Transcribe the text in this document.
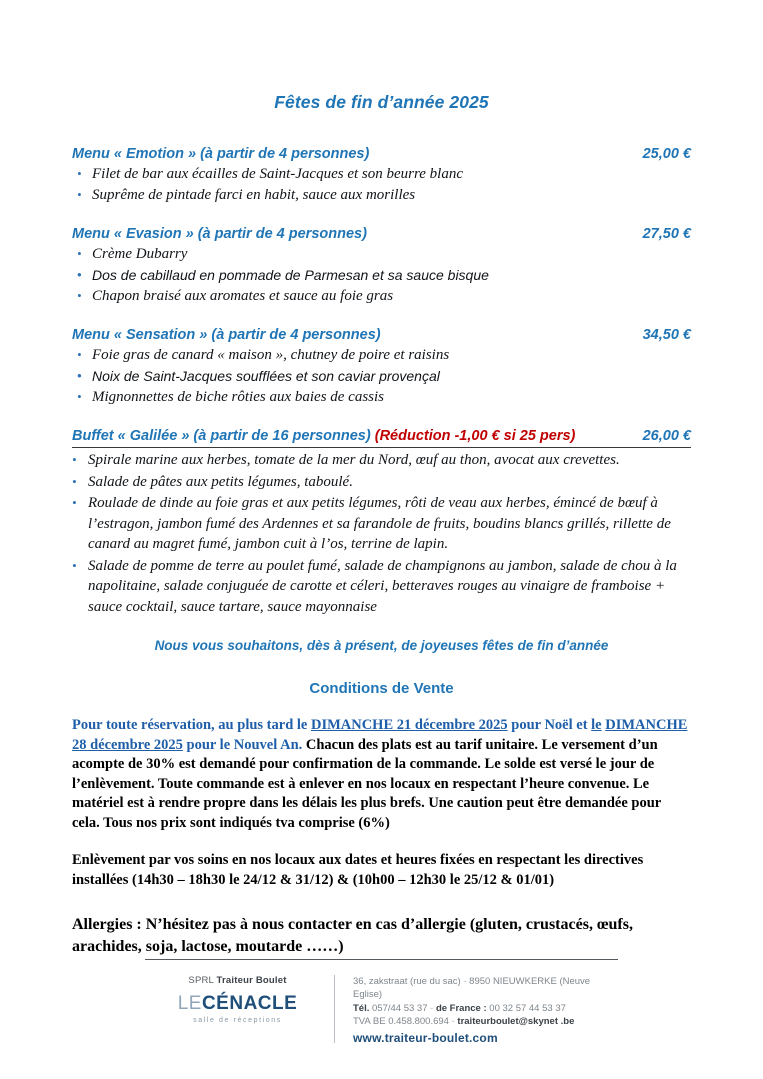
Fêtes de fin d’année 2025
Menu « Emotion » (à partir de 4 personnes)	25,00 €
• Filet de bar aux écailles de Saint-Jacques et son beurre blanc
• Suprême de pintade farci en habit, sauce aux morilles
Menu « Evasion » (à partir de 4 personnes)	27,50 €
• Crème Dubarry
• Dos de cabillaud en pommade de Parmesan et sa sauce bisque
• Chapon braisé aux aromates et sauce au foie gras
Menu « Sensation » (à partir de 4 personnes)	34,50 €
• Foie gras de canard « maison », chutney de poire et raisins
• Noix de Saint-Jacques soufflées et son caviar provençal
• Mignonnettes de biche rôties aux baies de cassis
Buffet « Galilée » (à partir de 16 personnes) (Réduction -1,00 € si 25 pers)	26,00 €
• Spirale marine aux herbes, tomate de la mer du Nord, œuf au thon, avocat aux crevettes.
• Salade de pâtes aux petits légumes, taboulé.
• Roulade de dinde au foie gras et aux petits légumes, rôti de veau aux herbes, émincé de bœuf à l’estragon, jambon fumé des Ardennes et sa farandole de fruits, boudins blancs grillés, rillette de canard au magret fumé, jambon cuit à l’os, terrine de lapin.
• Salade de pomme de terre au poulet fumé, salade de champignons au jambon, salade de chou à la napolitaine, salade conjuguée de carotte et céleri, betteraves rouges au vinaigre de framboise + sauce cocktail, sauce tartare, sauce mayonnaise
Nous vous souhaitons, dès à présent, de joyeuses fêtes de fin d’année
Conditions de Vente

Pour toute réservation, au plus tard le DIMANCHE 21 décembre 2025 pour Noël et le DIMANCHE 28 décembre 2025 pour le Nouvel An. Chacun des plats est au tarif unitaire. Le versement d’un acompte de 30% est demandé pour confirmation de la commande. Le solde est versé le jour de l’enlèvement. Toute commande est à enlever en nos locaux en respectant l’heure convenue. Le matériel est à rendre propre dans les délais les plus brefs. Une caution peut être demandée pour cela. Tous nos prix sont indiqués tva comprise (6%)

Enlèvement par vos soins en nos locaux aux dates et heures fixées en respectant les directives installées (14h30 – 18h30 le 24/12 & 31/12) & (10h00 – 12h30 le 25/12 & 01/01)

Allergies : N’hésitez pas à nous contacter en cas d’allergie (gluten, crustacés, œufs, arachides, soja, lactose, moutarde ……)

SPRL Traiteur Boulet
LECÉNACLE
salle de réceptions
36, zakstraat (rue du sac) - 8950 NIEUWKERKE (Neuve Eglise)
Tél. 057/44 53 37 - de France : 00 32 57 44 53 37
TVA BE 0.458.800.694 - traiteurboulet@skynet .be
www.traiteur-boulet.com
